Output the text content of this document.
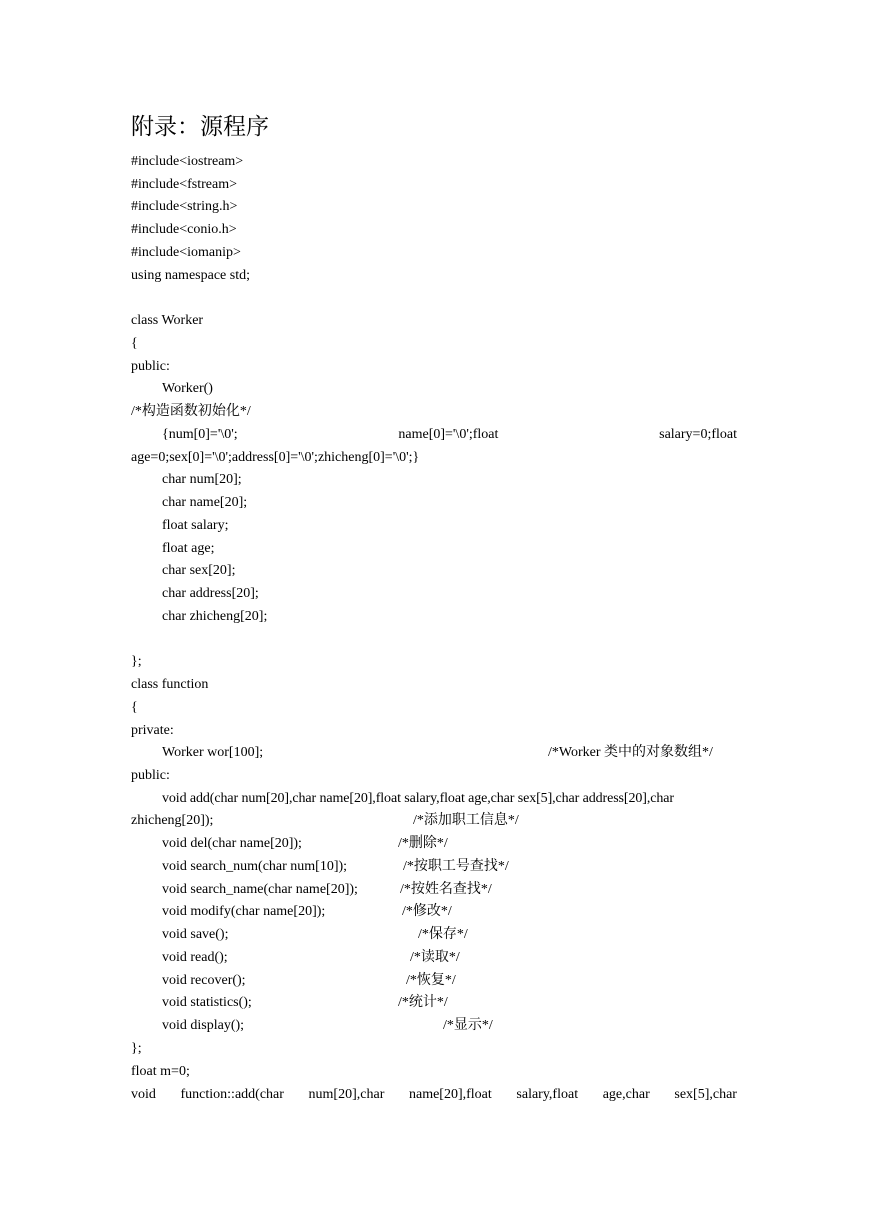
附录：源程序
#include<iostream>
#include<fstream>
#include<string.h>
#include<conio.h>
#include<iomanip>
using namespace std;
class Worker
{
public:
Worker()
/*构造函数初始化*/
{num[0]='\0';	name[0]='\0';float	salary=0;float
age=0;sex[0]='\0';address[0]='\0';zhicheng[0]='\0';}
char num[20];
char name[20];
float salary;
float age;
char sex[20];
char address[20];
char zhicheng[20];
};
class function
{
private:
Worker wor[100];	/*Worker 类中的对象数组*/
public:
void add(char num[20],char name[20],float salary,float age,char sex[5],char address[20],char
zhicheng[20]);	/*添加职工信息*/
void del(char name[20]);	/*删除*/
void search_num(char num[10]);	/*按职工号查找*/
void search_name(char name[20]);	/*按姓名查找*/
void modify(char name[20]);	/*修改*/
void save();	/*保存*/
void read();	/*读取*/
void recover();	/*恢复*/
void statistics();	/*统计*/
void display();	/*显示*/
};
float m=0;
void function::add(char num[20],char name[20],float salary,float age,char sex[5],char
